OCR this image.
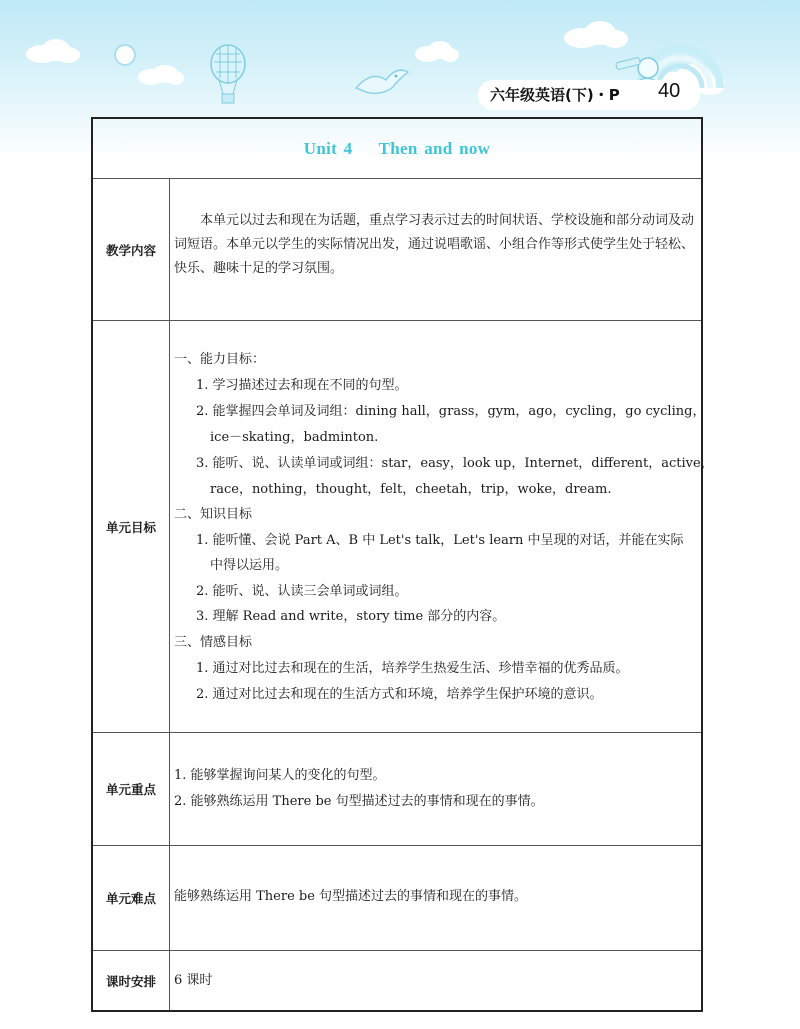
六年级英语(下)・P 40
Unit 4    Then and now
教学内容
本单元以过去和现在为话题，重点学习表示过去的时间状语、学校设施和部分动词及动词短语。本单元以学生的实际情况出发，通过说唱歌谣、小组合作等形式使学生处于轻松、快乐、趣味十足的学习氛围。
单元目标
一、能力目标：
1. 学习描述过去和现在不同的句型。
2. 能掌握四会单词及词组：dining hall，grass，gym，ago，cycling，go cycling，
ice－skating，badminton.
3. 能听、说、认读单词或词组：star，easy，look up，Internet，different，active，
race，nothing，thought，felt，cheetah，trip，woke，dream.
二、知识目标
1. 能听懂、会说 Part A、B 中 Let's talk，Let's learn 中呈现的对话，并能在实际
中得以运用。
2. 能听、说、认读三会单词或词组。
3. 理解 Read and write，story time 部分的内容。
三、情感目标
1. 通过对比过去和现在的生活，培养学生热爱生活、珍惜幸福的优秀品质。
2. 通过对比过去和现在的生活方式和环境，培养学生保护环境的意识。
单元重点
1. 能够掌握询问某人的变化的句型。
2. 能够熟练运用 There be 句型描述过去的事情和现在的事情。
单元难点	能够熟练运用 There be 句型描述过去的事情和现在的事情。
课时安排	6 课时
